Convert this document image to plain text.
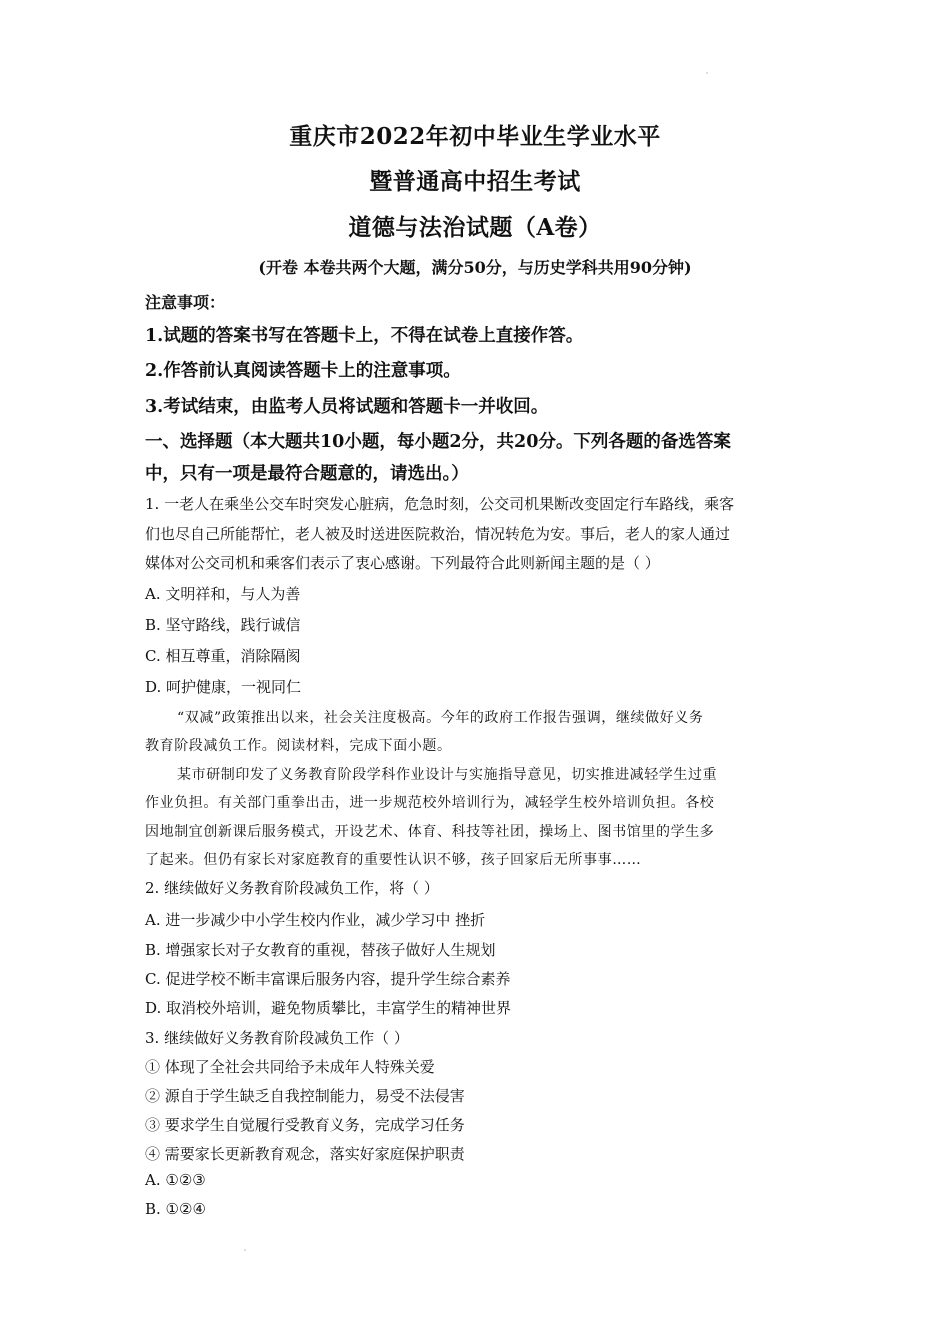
重庆市2022年初中毕业生学业水平
暨普通高中招生考试
道德与法治试题（A卷）
(开卷 本卷共两个大题，满分50分，与历史学科共用90分钟)
注意事项：
1.试题的答案书写在答题卡上，不得在试卷上直接作答。
2.作答前认真阅读答题卡上的注意事项。
3.考试结束，由监考人员将试题和答题卡一并收回。
一、选择题（本大题共10小题，每小题2分，共20分。下列各题的备选答案
中，只有一项是最符合题意的，请选出。）
1. 一老人在乘坐公交车时突发心脏病，危急时刻，公交司机果断改变固定行车路线，乘客
们也尽自己所能帮忙，老人被及时送进医院救治，情况转危为安。事后，老人的家人通过
媒体对公交司机和乘客们表示了衷心感谢。下列最符合此则新闻主题的是（ ）
A. 文明祥和，与人为善
B. 坚守路线，践行诚信
C. 相互尊重，消除隔阂
D. 呵护健康，一视同仁
“双减”政策推出以来，社会关注度极高。今年的政府工作报告强调，继续做好义务
教育阶段减负工作。阅读材料，完成下面小题。
某市研制印发了义务教育阶段学科作业设计与实施指导意见，切实推进减轻学生过重
作业负担。有关部门重拳出击，进一步规范校外培训行为，减轻学生校外培训负担。各校
因地制宜创新课后服务模式，开设艺术、体育、科技等社团，操场上、图书馆里的学生多
了起来。但仍有家长对家庭教育的重要性认识不够，孩子回家后无所事事……
2. 继续做好义务教育阶段减负工作，将（ ）
A. 进一步减少中小学生校内作业，减少学习中 挫折
B. 增强家长对子女教育的重视，替孩子做好人生规划
C. 促进学校不断丰富课后服务内容，提升学生综合素养
D. 取消校外培训，避免物质攀比，丰富学生的精神世界
3. 继续做好义务教育阶段减负工作（ ）
① 体现了全社会共同给予未成年人特殊关爱
② 源自于学生缺乏自我控制能力，易受不法侵害
③ 要求学生自觉履行受教育义务，完成学习任务
④ 需要家长更新教育观念，落实好家庭保护职责
A. ①②③
B. ①②④
